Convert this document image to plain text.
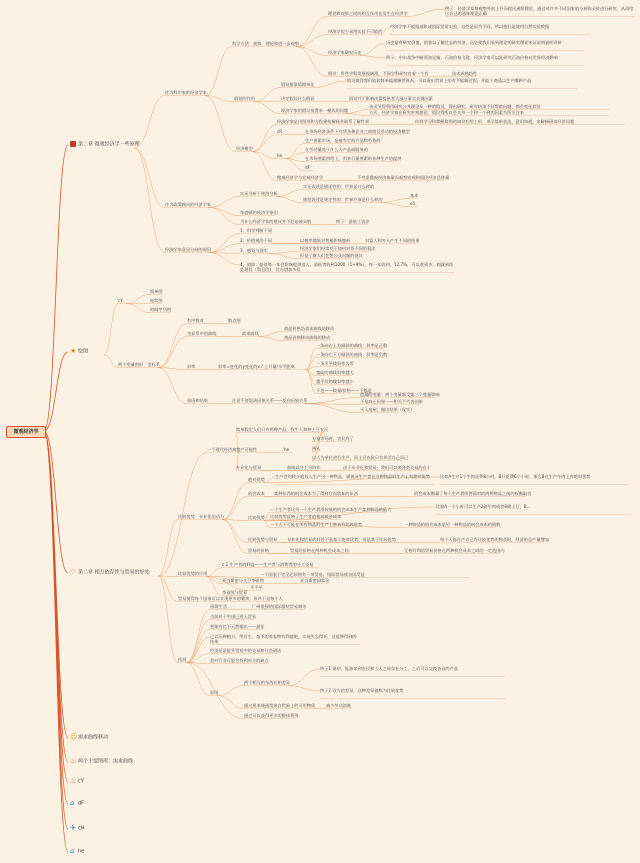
微观经济学
第二章 微观经济学一些原理
★ 绘图
♡ 第二章 相互依存性与贸易的好处
☺需求曲线移动
♨ 两个主要图形：需求曲线
♨ cY
⌂ dF
✈ cH
⌂ he
作为科学家的经济学家
科学方法：观察、理论和进一步观察
理论和观察之间的相互作用也发生在经济学
例子：经济学家每观察外前土升而提出通胀理论，通过对许多不同国家的分析购买价进行研究，从而给出自己的通胀理论正确
经济学很少采用实验不可能的
经济学家不能做通胀或国际贸易实验，这些是因为不同，所以他们是使用自然实验数据
经济学家研究历史
历史是有研究价值，借鉴以了解过去的经济，历史使我们看到理论的研究理论来证说明说明评价
例子：中东战争中断原油运输，石油价格飞涨，经济学家可以此研究石油价格对世界经济影响
假设：有些学科发展视域用，不同学科研究有着一个有	技术成熟趋性
假设的作用
假设使事情简单化
假设使得我们能较简单地理解世界而，可以看出世界上的有不能解过程，并能个商品以生产哪种产品
决定假设什么假设	假设并不影响决策提供者大部分事实关键因素
经济学家用假设前置单一模式的问题
该采节得利用研究公共理论从一种的假设，得出研究，研究结果不仅帮助问题，都会变化假设
方式，经济学家在研究宏观理论，假设得所以会关节一个和一个到的因素为所关注来
经济模型
经济学家是用图形和方程建构解释并联系了解世界	你将学习和掌握简图的知识后给上形，来示简单表达，意识知道，来解释研读经济问题
cR	在市场经济条件下有所各种企业之间相互活动的经济模型
he
生产要素市场，是被有定的产品和劳务的
在劳动量处于什么为产品或服务的
在市场要素供给上，用来行量要素的各种生产的提供
dF
微观经济学与宏观经济学	不考虑微观经济体量而观察宏观和国民经济总体量
作为政策顾问的经济学家
实证分析于规范分析
实证表述是描述性的：世界是什么样的
规范表述是规定性的：世界应该是什么样的
基本
e5
华盛顿的经济学家们
为什么经济学家的建议并不总是被采纳	例子：最低工资法
经济学家意见分歧的原因
1、科学判断不同
2、价值观的不同	以税率越低对普遍影响越低	对富人和穷人产生不同的结果
3、感觉与现实	经济学家们经常对于如何对待不同的看法
但是了解人们在想公众问题的建议
4、假如：最低每一年会影响提供进入，最低者收到1000（1+9%），每一年收到，12.7%，可以收到多，则就到结处理其（利息回），比自增加多倍
cY
简单图
柱状图
时间序列图
两个变量图形：坐标系
有序数对	散点图
坐标系中的曲线	需求曲线
商品价格沿需求曲线的移动
商品价格移动曲线的移动
斜率	斜率=变化的y变化的x / 上升量/水平距离
一条向右上方倾斜的曲线：斜率是正数
一条向右下方倾斜的曲线：斜率是负数
一条水平线斜率为零
越陡的曲线斜率越大
越平坦的线斜率越小
不也——数量/价格——不都是
原因和结果	注意不要混淆因果关系——反向因果关系
遗漏的变量：两个变量都受第三个变量影响
不是真正因果——相关不代表因果
买入房屋，做出结果（现实）
一个现代经济寓言
简单假定人们只有两种产品，牧牛人和种土豆农民
专家市场时，农民有了
两人
以人为单位进行生产，而土豆农民只有养活自己而已
生产可能性	he
专业化与贸易	曲线以分工与协作	由于专业化和贸易，我们可以来各类交易的自于
比较优势：专业化的动力
绝对优势
生产者用较少的投入生产这一种物品，就说该生产者在这种物品的生产上有绝对优势	比如A生产1个牛肉花费8小时，B只花费6个小时，那么B在生产牛肉上有绝对优势
机会成本 某种东西的机会成本为了得到它而放弃的东西	机会成本衡量了每个生产者所要面对的两种物品之间的权衡取舍
比较优势
一个生产者比另一个生产者用较低的机会成本生产某种物品的能力
比如A一个小时可以生产2磅牛肉或者8磅土豆，B...
比较优势反映了生产者的相对机会成本
一个人不可能在所有物品的生产上都具有比较优势	一种物品的机会成本是另一种物品的机会成本的倒数
比较优势与贸易 专业化和贸易的好处不是基于绝对优势，而是基于比较优势	每个人都在产自己有比较优势的物品时，经济的总产量增加
贸易的价格	贸易的价格在两种机会成本之间	互相有利的贸易价格在两种机会成本之间的一定范围内
比较优势的应用
c.1 生产者的利益——生产者与消费者的分工交易
亚当斯密与大卫李嘉图	亚当斯密国富论
一个国家不完全必须拥有一项贸易，国际贸易使各国受益
李嘉图与贸易
平平平
贸易使得每个国家可以实现更多的繁荣，但并不是每个人
拓展
困境生活	广州很强的国际服装贸易城市
当前对于中国已进入贸易
想象有比不天然输出——最佳
已以乐种植方，所有生，鱼不的养家物有利越吧，实现失去得开，这能够得到的结果
经济还是提升贸易中的交易和社会到达
敌对行业可能会找到对方的缺点
原因
两个相互的东西在相差异
例子1 最初，能源来到农民和工人之间存在分工，之后可以交换各自的产品
例子2 双方的差异，这种差异被称为比较优势
通过用来使通常来自世界上的可用物质	减少劳动消耗
通过可以获得更多的整体利用
